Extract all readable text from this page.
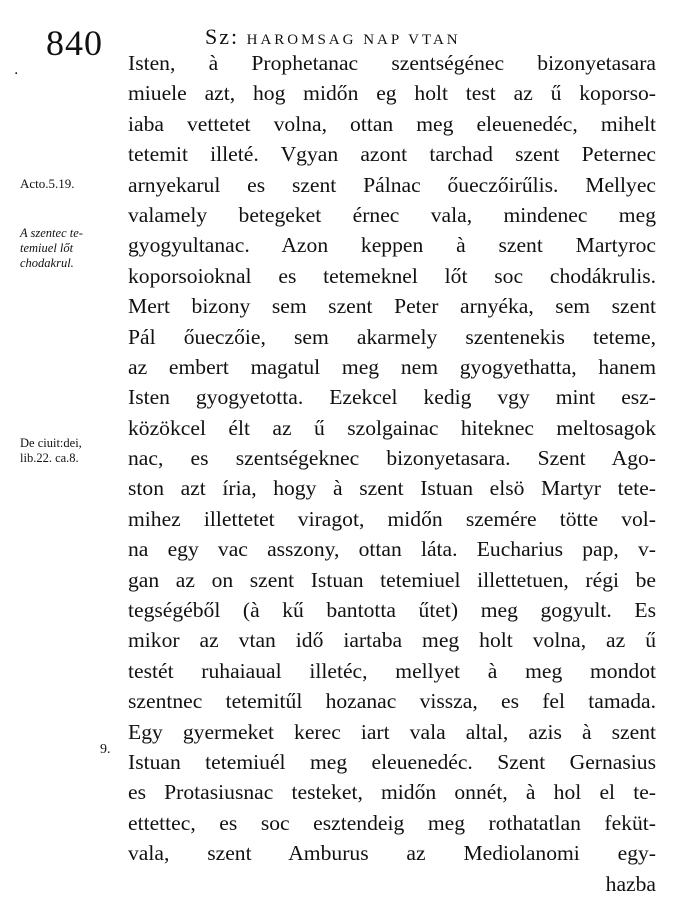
840	Sz: HAROMSAG NAP VTAN
·
Acto.5.19.
A szentec te-
temiuel lőt
chodakrul.
De ciuit:dei,
lib.22. ca.8.
9.
Isten, à Prophetanac szentségénec bizonyetasara
miuele azt, hog midőn eg holt test az ű koporso-
iaba vettetet volna, ottan meg eleuenedéc, mihelt
tetemit illeté. Vgyan azont tarchad szent Peternec
arnyekarul es szent Pálnac őueczőirűlis. Mellyec
valamely betegeket érnec vala, mindenec meg
gyogyultanac. Azon keppen à szent Martyroc
koporsoioknal es tetemeknel lőt soc chodákrulis.
Mert bizony sem szent Peter arnyéka, sem szent
Pál őueczőie, sem akarmely szentenekis teteme,
az embert magatul meg nem gyogyethatta, hanem
Isten gyogyetotta. Ezekcel kedig vgy mint esz-
közökcel élt az ű szolgainac hiteknec meltosagok
nac, es szentségeknec bizonyetasara. Szent Ago-
ston azt íria, hogy à szent Istuan elsö Martyr tete-
mihez illettetet viragot, midőn szemére tötte vol-
na egy vac asszony, ottan láta. Eucharius pap, v-
gan az on szent Istuan tetemiuel illettetuen, régi be
tegségéből (à kű bantotta űtet) meg gogyult. Es
mikor az vtan idő iartaba meg holt volna, az ű
testét ruhaiaual illetéc, mellyet à meg mondot
szentnec tetemitűl hozanac vissza, es fel tamada.
Egy gyermeket kerec iart vala altal, azis à szent
Istuan tetemiuél meg eleuenedéc. Szent Gernasius
es Protasiusnac testeket, midőn onnét, à hol el te-
ettettec, es soc esztendeig meg rothatatlan feküt-
vala, szent Amburus az Mediolanomi egy-
hazba
